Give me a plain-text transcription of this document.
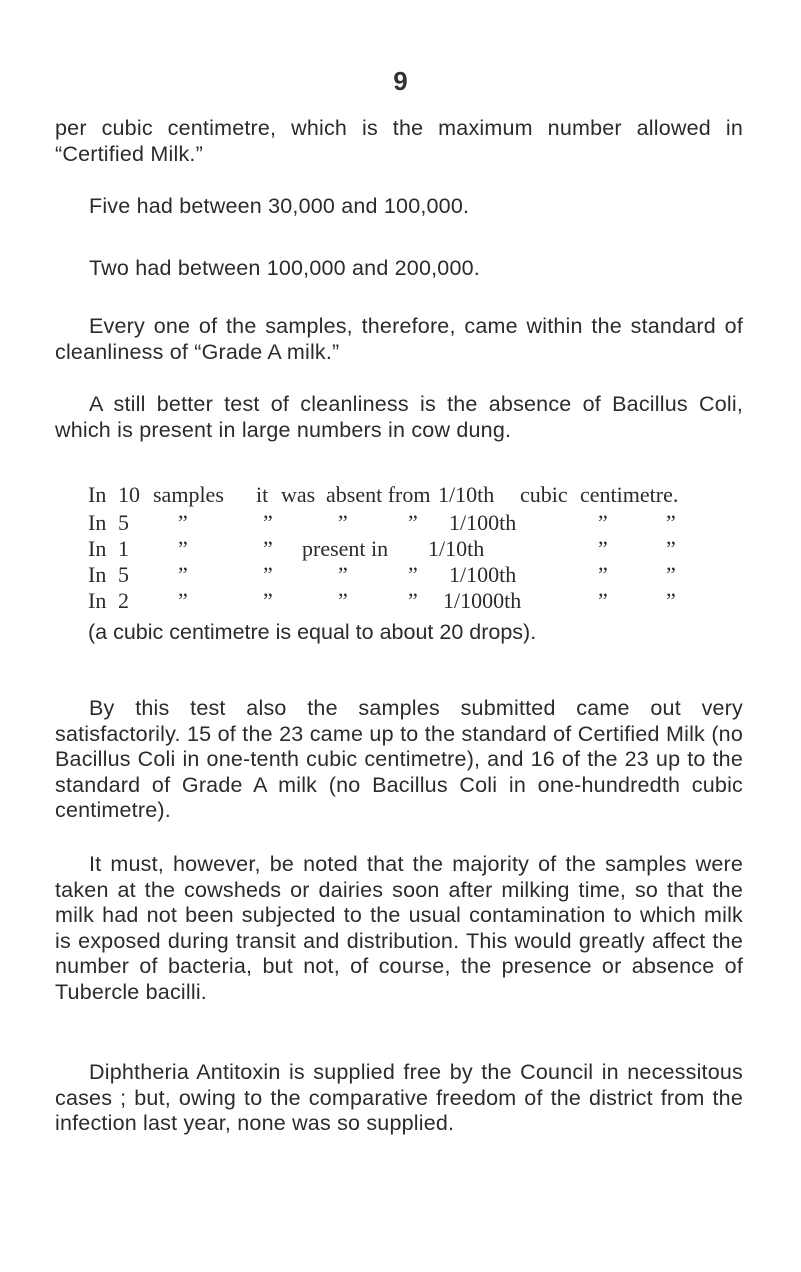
9

per cubic centimetre, which is the maximum number allowed in “Certified Milk.”

Five had between 30,000 and 100,000.

Two had between 100,000 and 200,000.

Every one of the samples, therefore, came within the standard of cleanliness of “Grade A milk.”

A still better test of cleanliness is the absence of Bacillus Coli, which is present in large numbers in cow dung.

In 10 samples it was absent from 1/10th cubic centimetre.
In 5 ”	”	”	” 1/100th	”	”
In 1 ”	” present in 1/10th	”	”
In 5 ”	”	”	” 1/100th	”	”
In 2 ”	”	”	” 1/1000th	”	”
(a cubic centimetre is equal to about 20 drops).

By this test also the samples submitted came out very satisfactorily. 15 of the 23 came up to the standard of Certified Milk (no Bacillus Coli in one-tenth cubic centimetre), and 16 of the 23 up to the standard of Grade A milk (no Bacillus Coli in one-hundredth cubic centimetre).

It must, however, be noted that the majority of the samples were taken at the cowsheds or dairies soon after milking time, so that the milk had not been subjected to the usual contamination to which milk is exposed during transit and distribution. This would greatly affect the number of bacteria, but not, of course, the presence or absence of Tubercle bacilli.

Diphtheria Antitoxin is supplied free by the Council in necessitous cases ; but, owing to the comparative freedom of the district from the infection last year, none was so supplied.
